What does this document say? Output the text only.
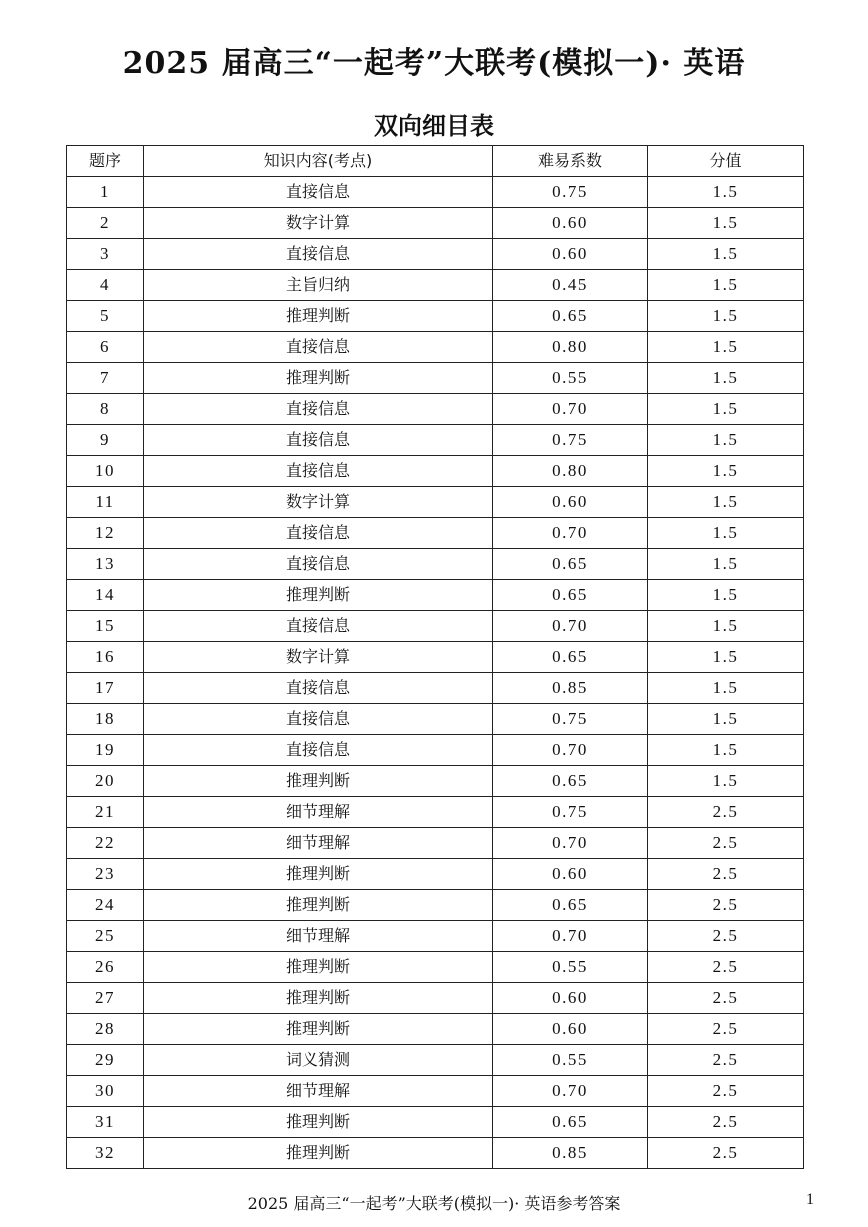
2025 届高三“一起考”大联考(模拟一)· 英语
双向细目表
题序	知识内容(考点)	难易系数	分值
1	直接信息	0.75	1.5
2	数字计算	0.60	1.5
3	直接信息	0.60	1.5
4	主旨归纳	0.45	1.5
5	推理判断	0.65	1.5
6	直接信息	0.80	1.5
7	推理判断	0.55	1.5
8	直接信息	0.70	1.5
9	直接信息	0.75	1.5
10	直接信息	0.80	1.5
11	数字计算	0.60	1.5
12	直接信息	0.70	1.5
13	直接信息	0.65	1.5
14	推理判断	0.65	1.5
15	直接信息	0.70	1.5
16	数字计算	0.65	1.5
17	直接信息	0.85	1.5
18	直接信息	0.75	1.5
19	直接信息	0.70	1.5
20	推理判断	0.65	1.5
21	细节理解	0.75	2.5
22	细节理解	0.70	2.5
23	推理判断	0.60	2.5
24	推理判断	0.65	2.5
25	细节理解	0.70	2.5
26	推理判断	0.55	2.5
27	推理判断	0.60	2.5
28	推理判断	0.60	2.5
29	词义猜测	0.55	2.5
30	细节理解	0.70	2.5
31	推理判断	0.65	2.5
32	推理判断	0.85	2.5
2025 届高三“一起考”大联考(模拟一)· 英语参考答案	1
